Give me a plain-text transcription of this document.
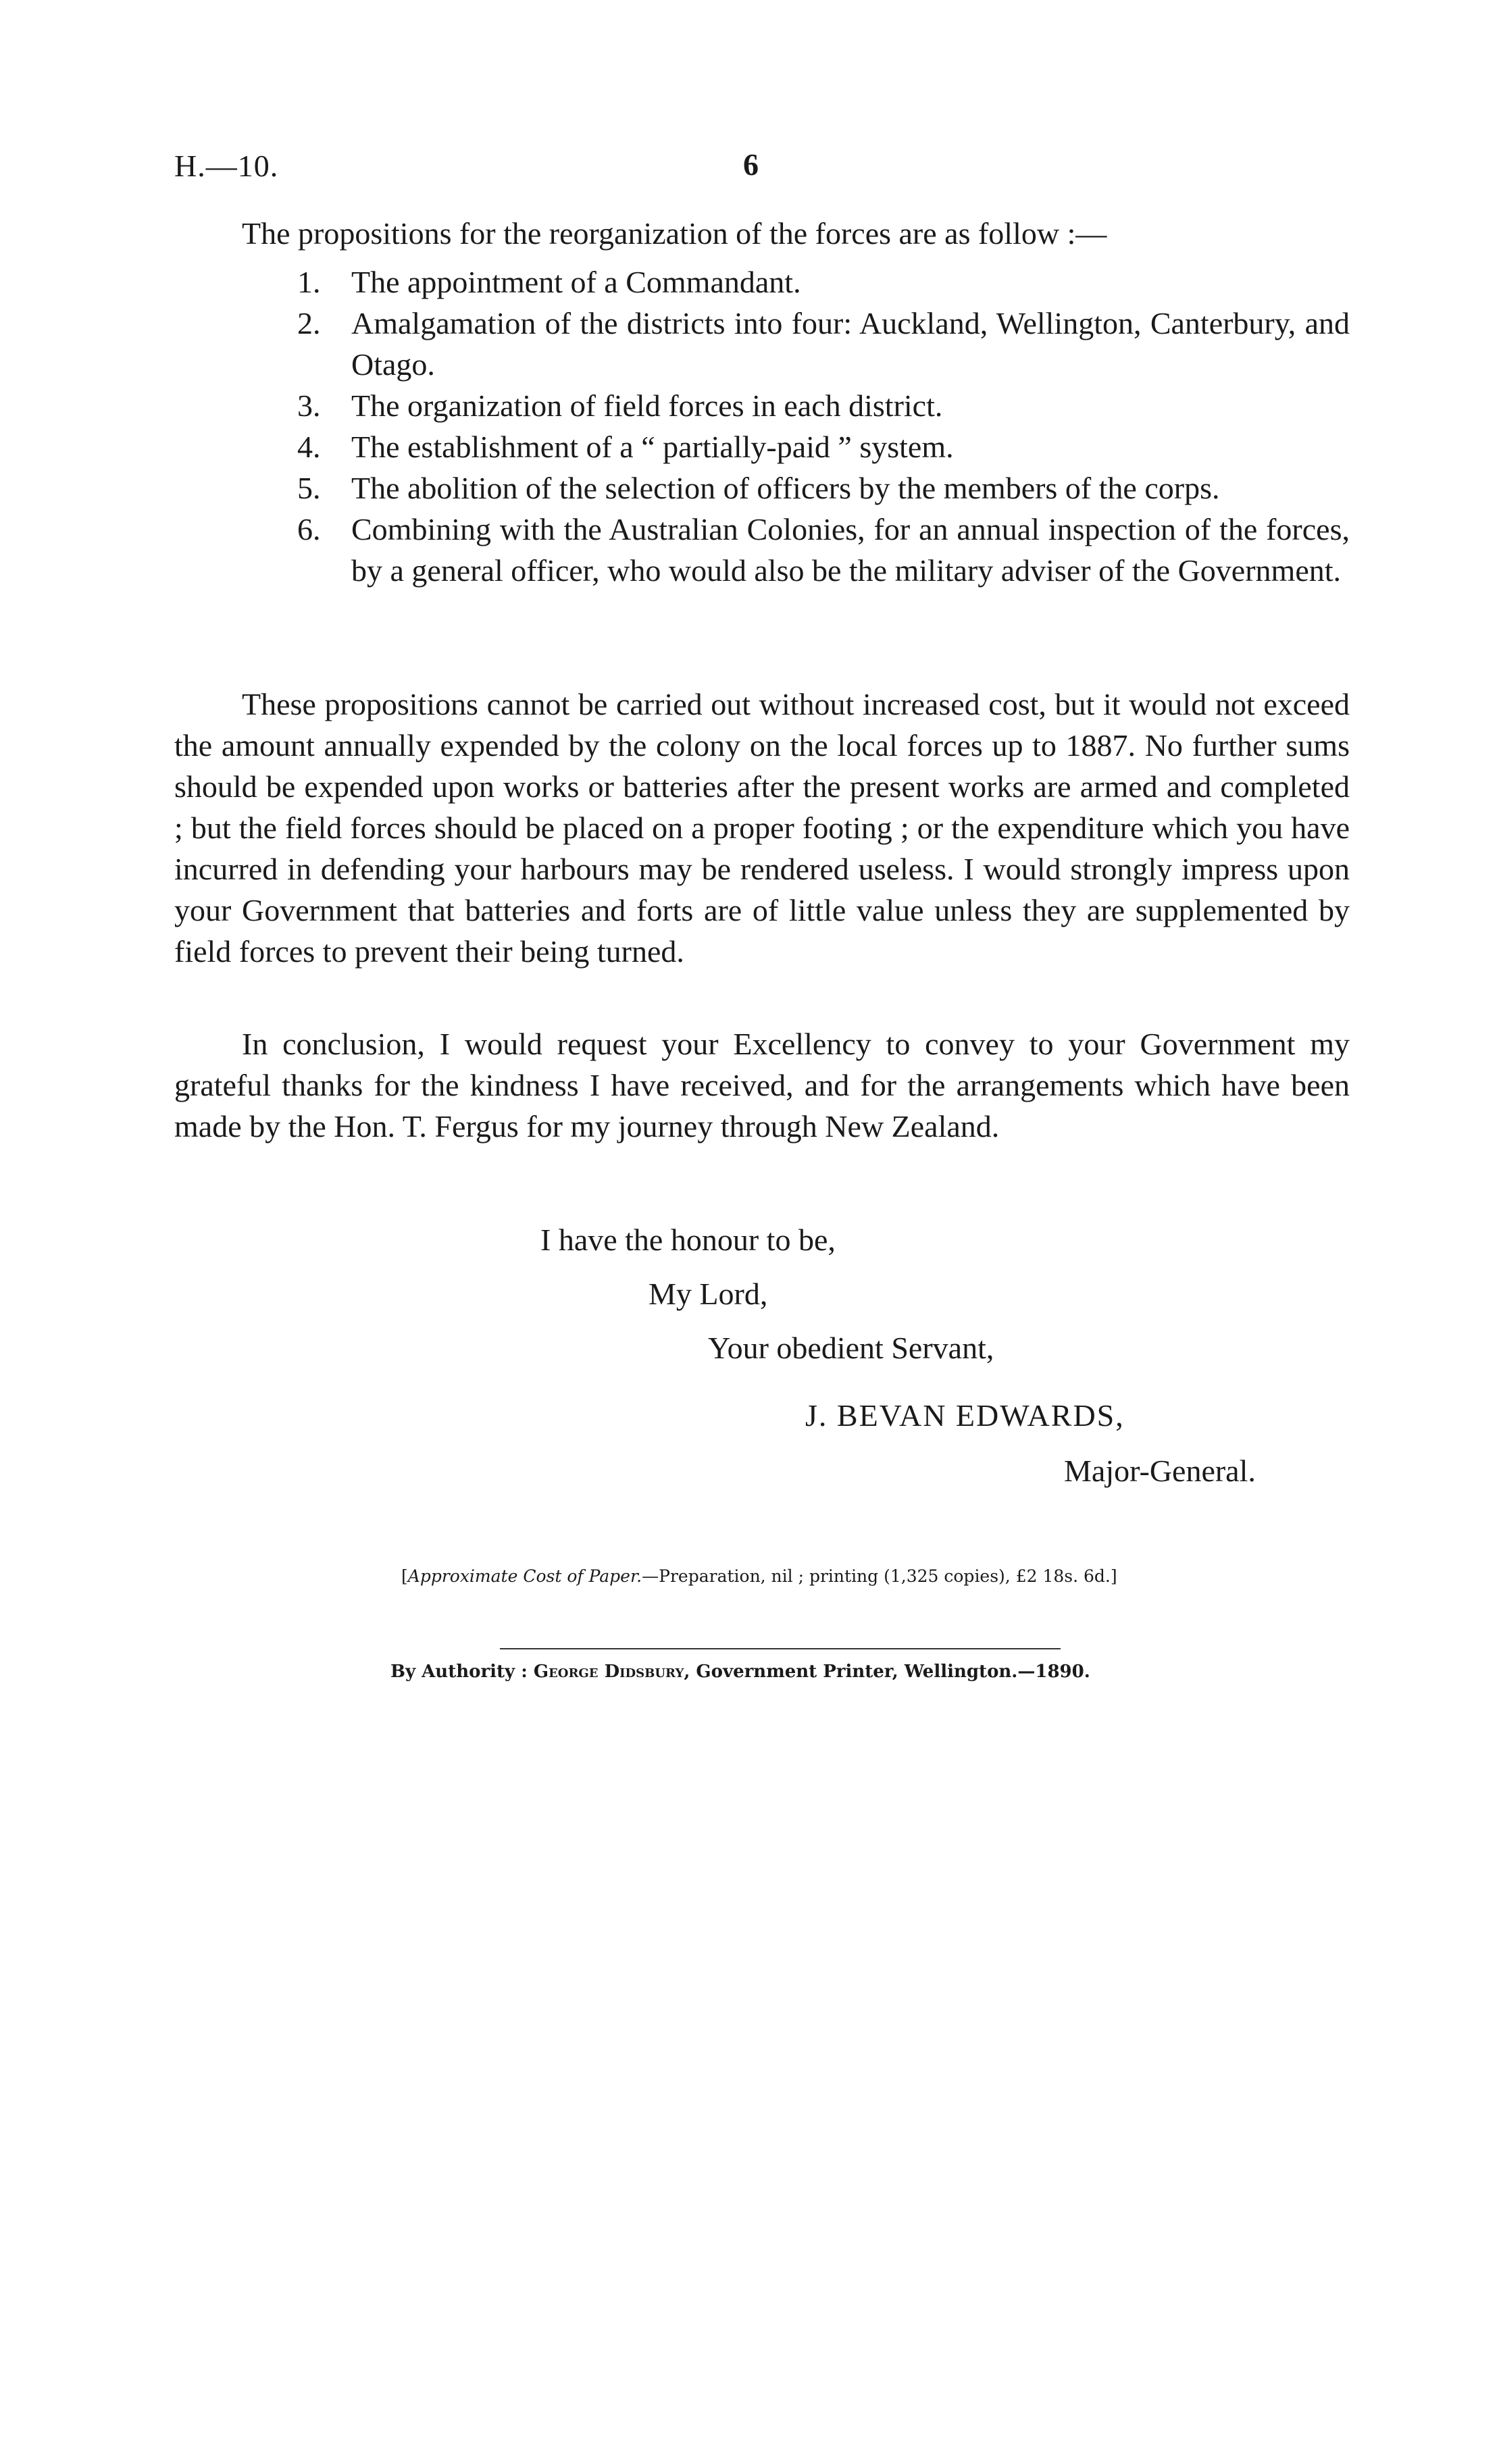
H.—10.	6

The propositions for the reorganization of the forces are as follow :—

1. The appointment of a Commandant.
2. Amalgamation of the districts into four: Auckland, Wellington, Canterbury, and Otago.
3. The organization of field forces in each district.
4. The establishment of a “ partially-paid ” system.
5. The abolition of the selection of officers by the members of the corps.
6. Combining with the Australian Colonies, for an annual inspection of the forces, by a general officer, who would also be the military adviser of the Government.

These propositions cannot be carried out without increased cost, but it would not exceed the amount annually expended by the colony on the local forces up to 1887. No further sums should be expended upon works or batteries after the present works are armed and completed ; but the field forces should be placed on a proper footing ; or the expenditure which you have incurred in defending your harbours may be rendered useless. I would strongly impress upon your Government that batteries and forts are of little value unless they are supplemented by field forces to prevent their being turned.

In conclusion, I would request your Excellency to convey to your Government my grateful thanks for the kindness I have received, and for the arrangements which have been made by the Hon. T. Fergus for my journey through New Zealand.

I have the honour to be,
My Lord,
Your obedient Servant,
J. BEVAN EDWARDS,
Major-General.
[Approximate Cost of Paper.—Preparation, nil ; printing (1,325 copies), £2 18s. 6d.]
By Authority : George Didsbury, Government Printer, Wellington.—1890.
